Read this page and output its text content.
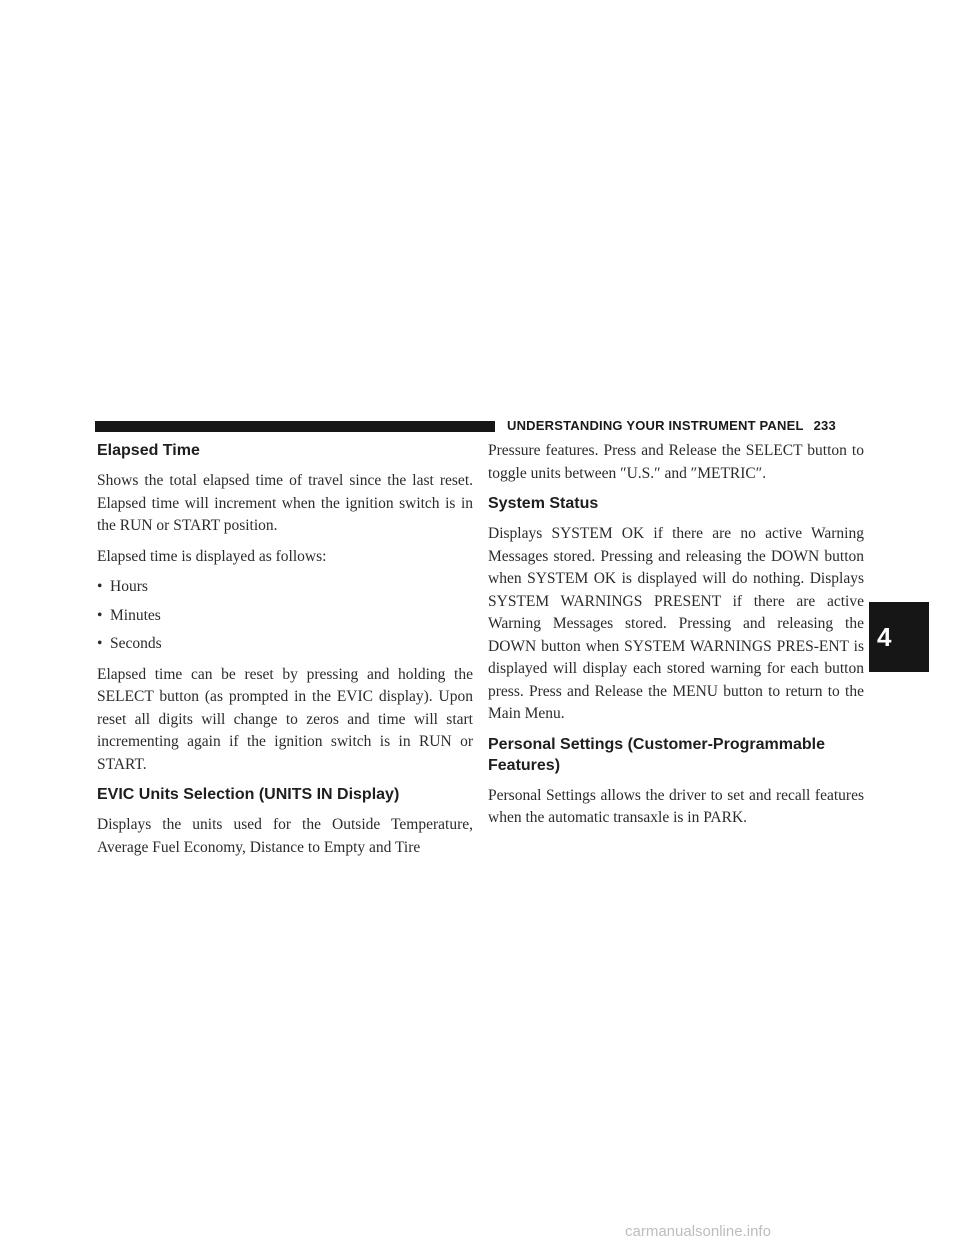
UNDERSTANDING YOUR INSTRUMENT PANEL 233
Elapsed Time

Shows the total elapsed time of travel since the last reset. Elapsed time will increment when the ignition switch is in the RUN or START position.

Elapsed time is displayed as follows:

• Hours
• Minutes
• Seconds

Elapsed time can be reset by pressing and holding the SELECT button (as prompted in the EVIC display). Upon reset all digits will change to zeros and time will start incrementing again if the ignition switch is in RUN or START.

EVIC Units Selection (UNITS IN Display)

Displays the units used for the Outside Temperature, Average Fuel Economy, Distance to Empty and Tire

Pressure features. Press and Release the SELECT button to toggle units between ″U.S.″ and ″METRIC″.

System Status

Displays SYSTEM OK if there are no active Warning Messages stored. Pressing and releasing the DOWN button when SYSTEM OK is displayed will do nothing. Displays SYSTEM WARNINGS PRESENT if there are active Warning Messages stored. Pressing and releasing the DOWN button when SYSTEM WARNINGS PRES-ENT is displayed will display each stored warning for each button press. Press and Release the MENU button to return to the Main Menu.

Personal Settings (Customer-Programmable Features)

Personal Settings allows the driver to set and recall features when the automatic transaxle is in PARK.

4
carmanualsonline.info
